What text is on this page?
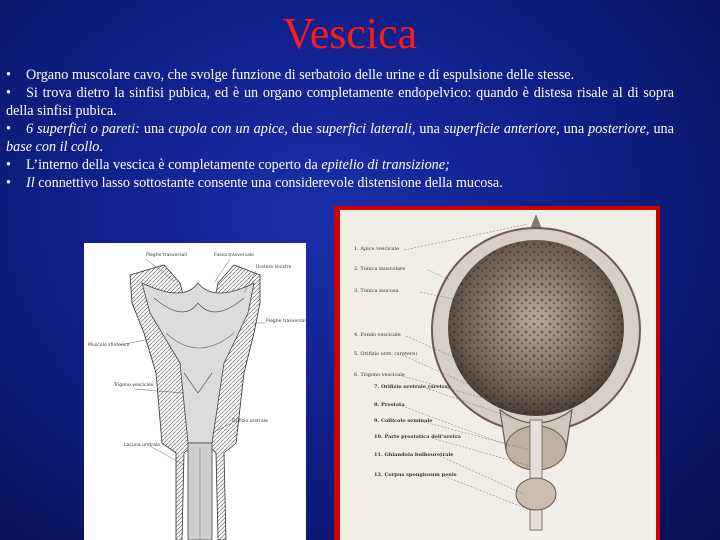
Vescica

• Organo muscolare cavo, che svolge funzione di serbatoio delle urine e di espulsione delle stesse.

• Si trova dietro la sinfisi pubica, ed è un organo completamente endopelvico: quando è distesa risale al di sopra della sinfisi pubica.

• 6 superfici o pareti: una cupola con un apice, due superfici laterali, una superficie anteriore, una posteriore, una base con il collo.

• L’interno della vescica è completamente coperto da epitelio di transizione;

• Il connettivo lasso sottostante consente una considerevole distensione della mucosa.

Pieghe trasversali	Fossa trasversale
Uretere sinistro
Pieghe trasversali
Muscolo sfinterico
Trigono vescicale
Orifizio uretrale
Lacuna uretrale
1. Apice vescicale
2. Tunica muscolare
3. Tunica mucosa
4. Fondo vescicale
5. Orifizio uret. (uretere)
6. Trigono vescicale
7. Orifizio uretrale (uretra)
8. Prostata
9. Collicolo seminale
10. Parte prostatica dell'uretra
11. Ghiandola bulbouretrale
12. Corpus spongiosum penis
